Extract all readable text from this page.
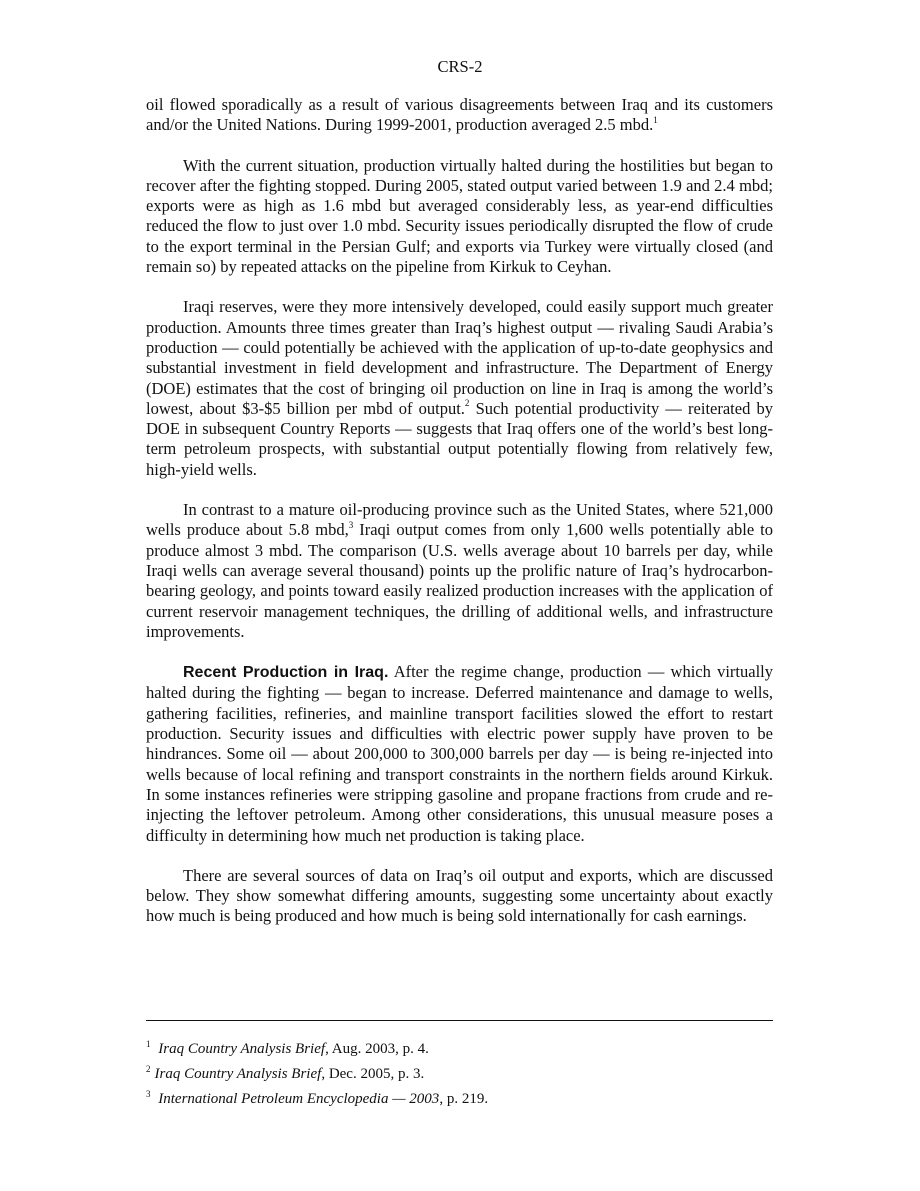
CRS-2

oil flowed sporadically as a result of various disagreements between Iraq and its customers and/or the United Nations. During 1999-2001, production averaged 2.5 mbd.$^1$

With the current situation, production virtually halted during the hostilities but began to recover after the fighting stopped. During 2005, stated output varied between 1.9 and 2.4 mbd; exports were as high as 1.6 mbd but averaged considerably less, as year-end difficulties reduced the flow to just over 1.0 mbd. Security issues periodically disrupted the flow of crude to the export terminal in the Persian Gulf; and exports via Turkey were virtually closed (and remain so) by repeated attacks on the pipeline from Kirkuk to Ceyhan.

Iraqi reserves, were they more intensively developed, could easily support much greater production. Amounts three times greater than Iraq’s highest output — rivaling Saudi Arabia’s production — could potentially be achieved with the application of up-to-date geophysics and substantial investment in field development and infrastructure. The Department of Energy (DOE) estimates that the cost of bringing oil production on line in Iraq is among the world’s lowest, about $3-$5 billion per mbd of output.$^2$ Such potential productivity — reiterated by DOE in subsequent Country Reports — suggests that Iraq offers one of the world’s best long-term petroleum prospects, with substantial output potentially flowing from relatively few, high-yield wells.

In contrast to a mature oil-producing province such as the United States, where 521,000 wells produce about 5.8 mbd,$^3$ Iraqi output comes from only 1,600 wells potentially able to produce almost 3 mbd. The comparison (U.S. wells average about 10 barrels per day, while Iraqi wells can average several thousand) points up the prolific nature of Iraq’s hydrocarbon-bearing geology, and points toward easily realized production increases with the application of current reservoir management techniques, the drilling of additional wells, and infrastructure improvements.

Recent Production in Iraq. After the regime change, production — which virtually halted during the fighting — began to increase. Deferred maintenance and damage to wells, gathering facilities, refineries, and mainline transport facilities slowed the effort to restart production. Security issues and difficulties with electric power supply have proven to be hindrances. Some oil — about 200,000 to 300,000 barrels per day — is being re-injected into wells because of local refining and transport constraints in the northern fields around Kirkuk. In some instances refineries were stripping gasoline and propane fractions from crude and re-injecting the leftover petroleum. Among other considerations, this unusual measure poses a difficulty in determining how much net production is taking place.

There are several sources of data on Iraq’s oil output and exports, which are discussed below. They show somewhat differing amounts, suggesting some uncertainty about exactly how much is being produced and how much is being sold internationally for cash earnings.

$^1$ Iraq Country Analysis Brief, Aug. 2003, p. 4.
$^2$ Iraq Country Analysis Brief, Dec. 2005, p. 3.
$^3$ International Petroleum Encyclopedia — 2003, p. 219.
